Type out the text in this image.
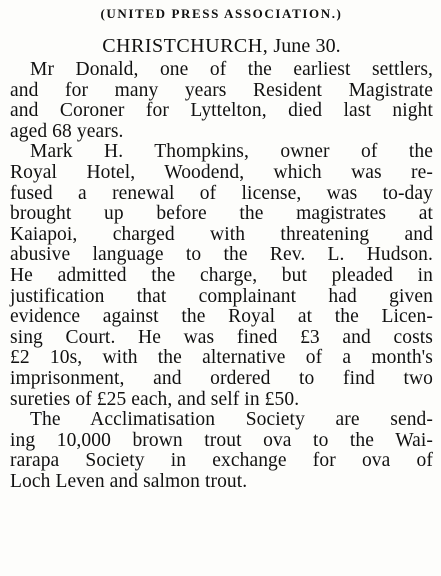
(UNITED PRESS ASSOCIATION.)
CHRISTCHURCH, June 30.
Mr Donald, one of the earliest settlers,
and for many years Resident Magistrate
and Coroner for Lyttelton, died last night
aged 68 years.
Mark H. Thompkins, owner of the
Royal Hotel, Woodend, which was re-
fused a renewal of license, was to-day
brought up before the magistrates at
Kaiapoi, charged with threatening and
abusive language to the Rev. L. Hudson.
He admitted the charge, but pleaded in
justification that complainant had given
evidence against the Royal at the Licen-
sing Court. He was fined £3 and costs
£2 10s, with the alternative of a month's
imprisonment, and ordered to find two
sureties of £25 each, and self in £50.
The Acclimatisation Society are send-
ing 10,000 brown trout ova to the Wai-
rarapa Society in exchange for ova of
Loch Leven and salmon trout.
